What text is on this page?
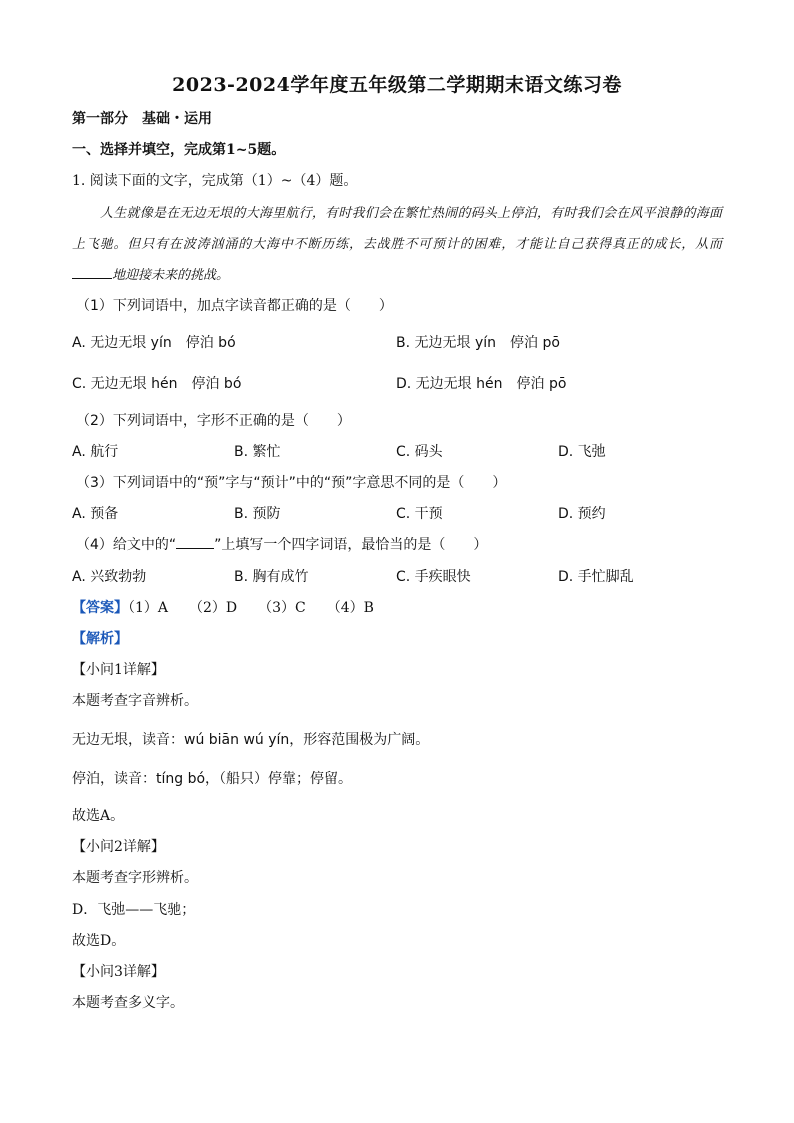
2023-2024学年度五年级第二学期期末语文练习卷
第一部分　基础・运用
一、选择并填空，完成第1~5题。
1. 阅读下面的文字，完成第（1）~（4）题。

人生就像是在无边无垠的大海里航行，有时我们会在繁忙热闹的码头上停泊，有时我们会在风平浪静的海面上飞驰。但只有在波涛汹涌的大海中不断历练，去战胜不可预计的困难，才能让自己获得真正的成长，从而地迎接未来的挑战。

（1）下列词语中，加点字读音都正确的是（　　）
A. 无边无垠 yín　停泊 bó	B. 无边无垠 yín　停泊 pō
C. 无边无垠 hén　停泊 bó	D. 无边无垠 hén　停泊 pō
（2）下列词语中，字形不正确的是（　　）
A. 航行	B. 繁忙	C. 码头	D. 飞弛
（3）下列词语中的“预”字与“预计”中的“预”字意思不同的是（　　）
A. 预备	B. 预防	C. 干预	D. 预约
（4）给文中的“	”上填写一个四字词语，最恰当的是（　　）
A. 兴致勃勃	B. 胸有成竹	C. 手疾眼快	D. 手忙脚乱
【答案】（1）A　　（2）D　　（3）C　　（4）B
【解析】
【小问1详解】
本题考查字音辨析。
无边无垠，读音：wú biān wú yín，形容范围极为广阔。
停泊，读音：tíng bó，（船只）停靠；停留。
故选A。
【小问2详解】
本题考查字形辨析。
D．飞弛——飞驰；
故选D。
【小问3详解】
本题考查多义字。
